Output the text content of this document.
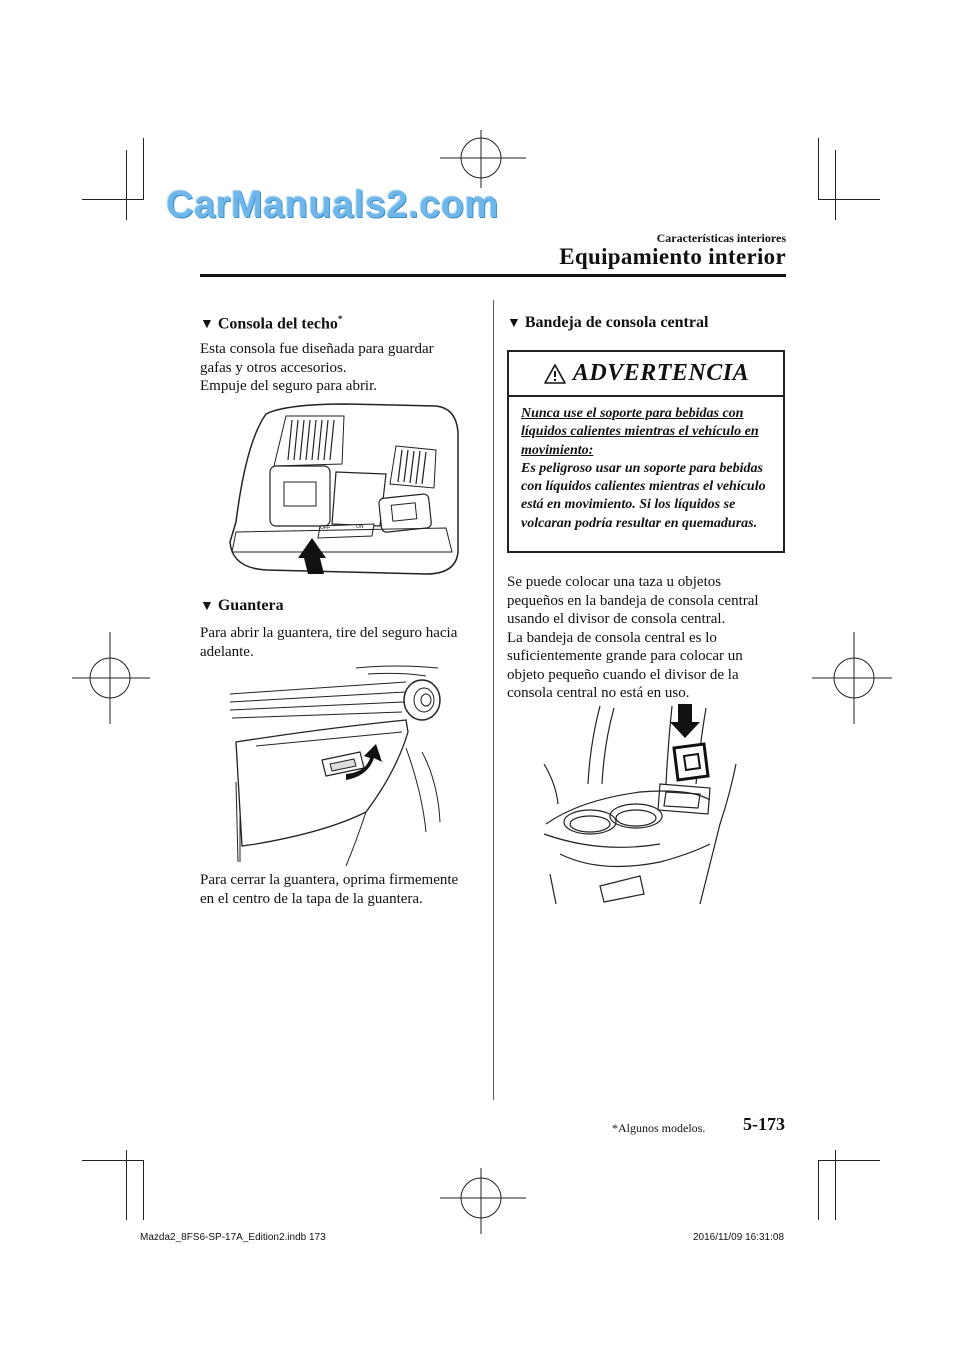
CarManuals2.com
Características interiores
Equipamiento interior
▼ Consola del techo*
Esta consola fue diseñada para guardar
gafas y otros accesorios.
Empuje del seguro para abrir.
OFF	ON
▼ Guantera
Para abrir la guantera, tire del seguro hacia
adelante.
Para cerrar la guantera, oprima firmemente
en el centro de la tapa de la guantera.
▼ Bandeja de consola central
ADVERTENCIA
Nunca use el soporte para bebidas con líquidos calientes mientras el vehículo en movimiento:
Es peligroso usar un soporte para bebidas con líquidos calientes mientras el vehículo está en movimiento. Si los líquidos se volcaran podría resultar en quemaduras.
Se puede colocar una taza u objetos
pequeños en la bandeja de consola central
usando el divisor de consola central.
La bandeja de consola central es lo
suficientemente grande para colocar un
objeto pequeño cuando el divisor de la
consola central no está en uso.
*Algunos modelos. 5-173
Mazda2_8FS6-SP-17A_Edition2.indb 173	2016/11/09 16:31:08
